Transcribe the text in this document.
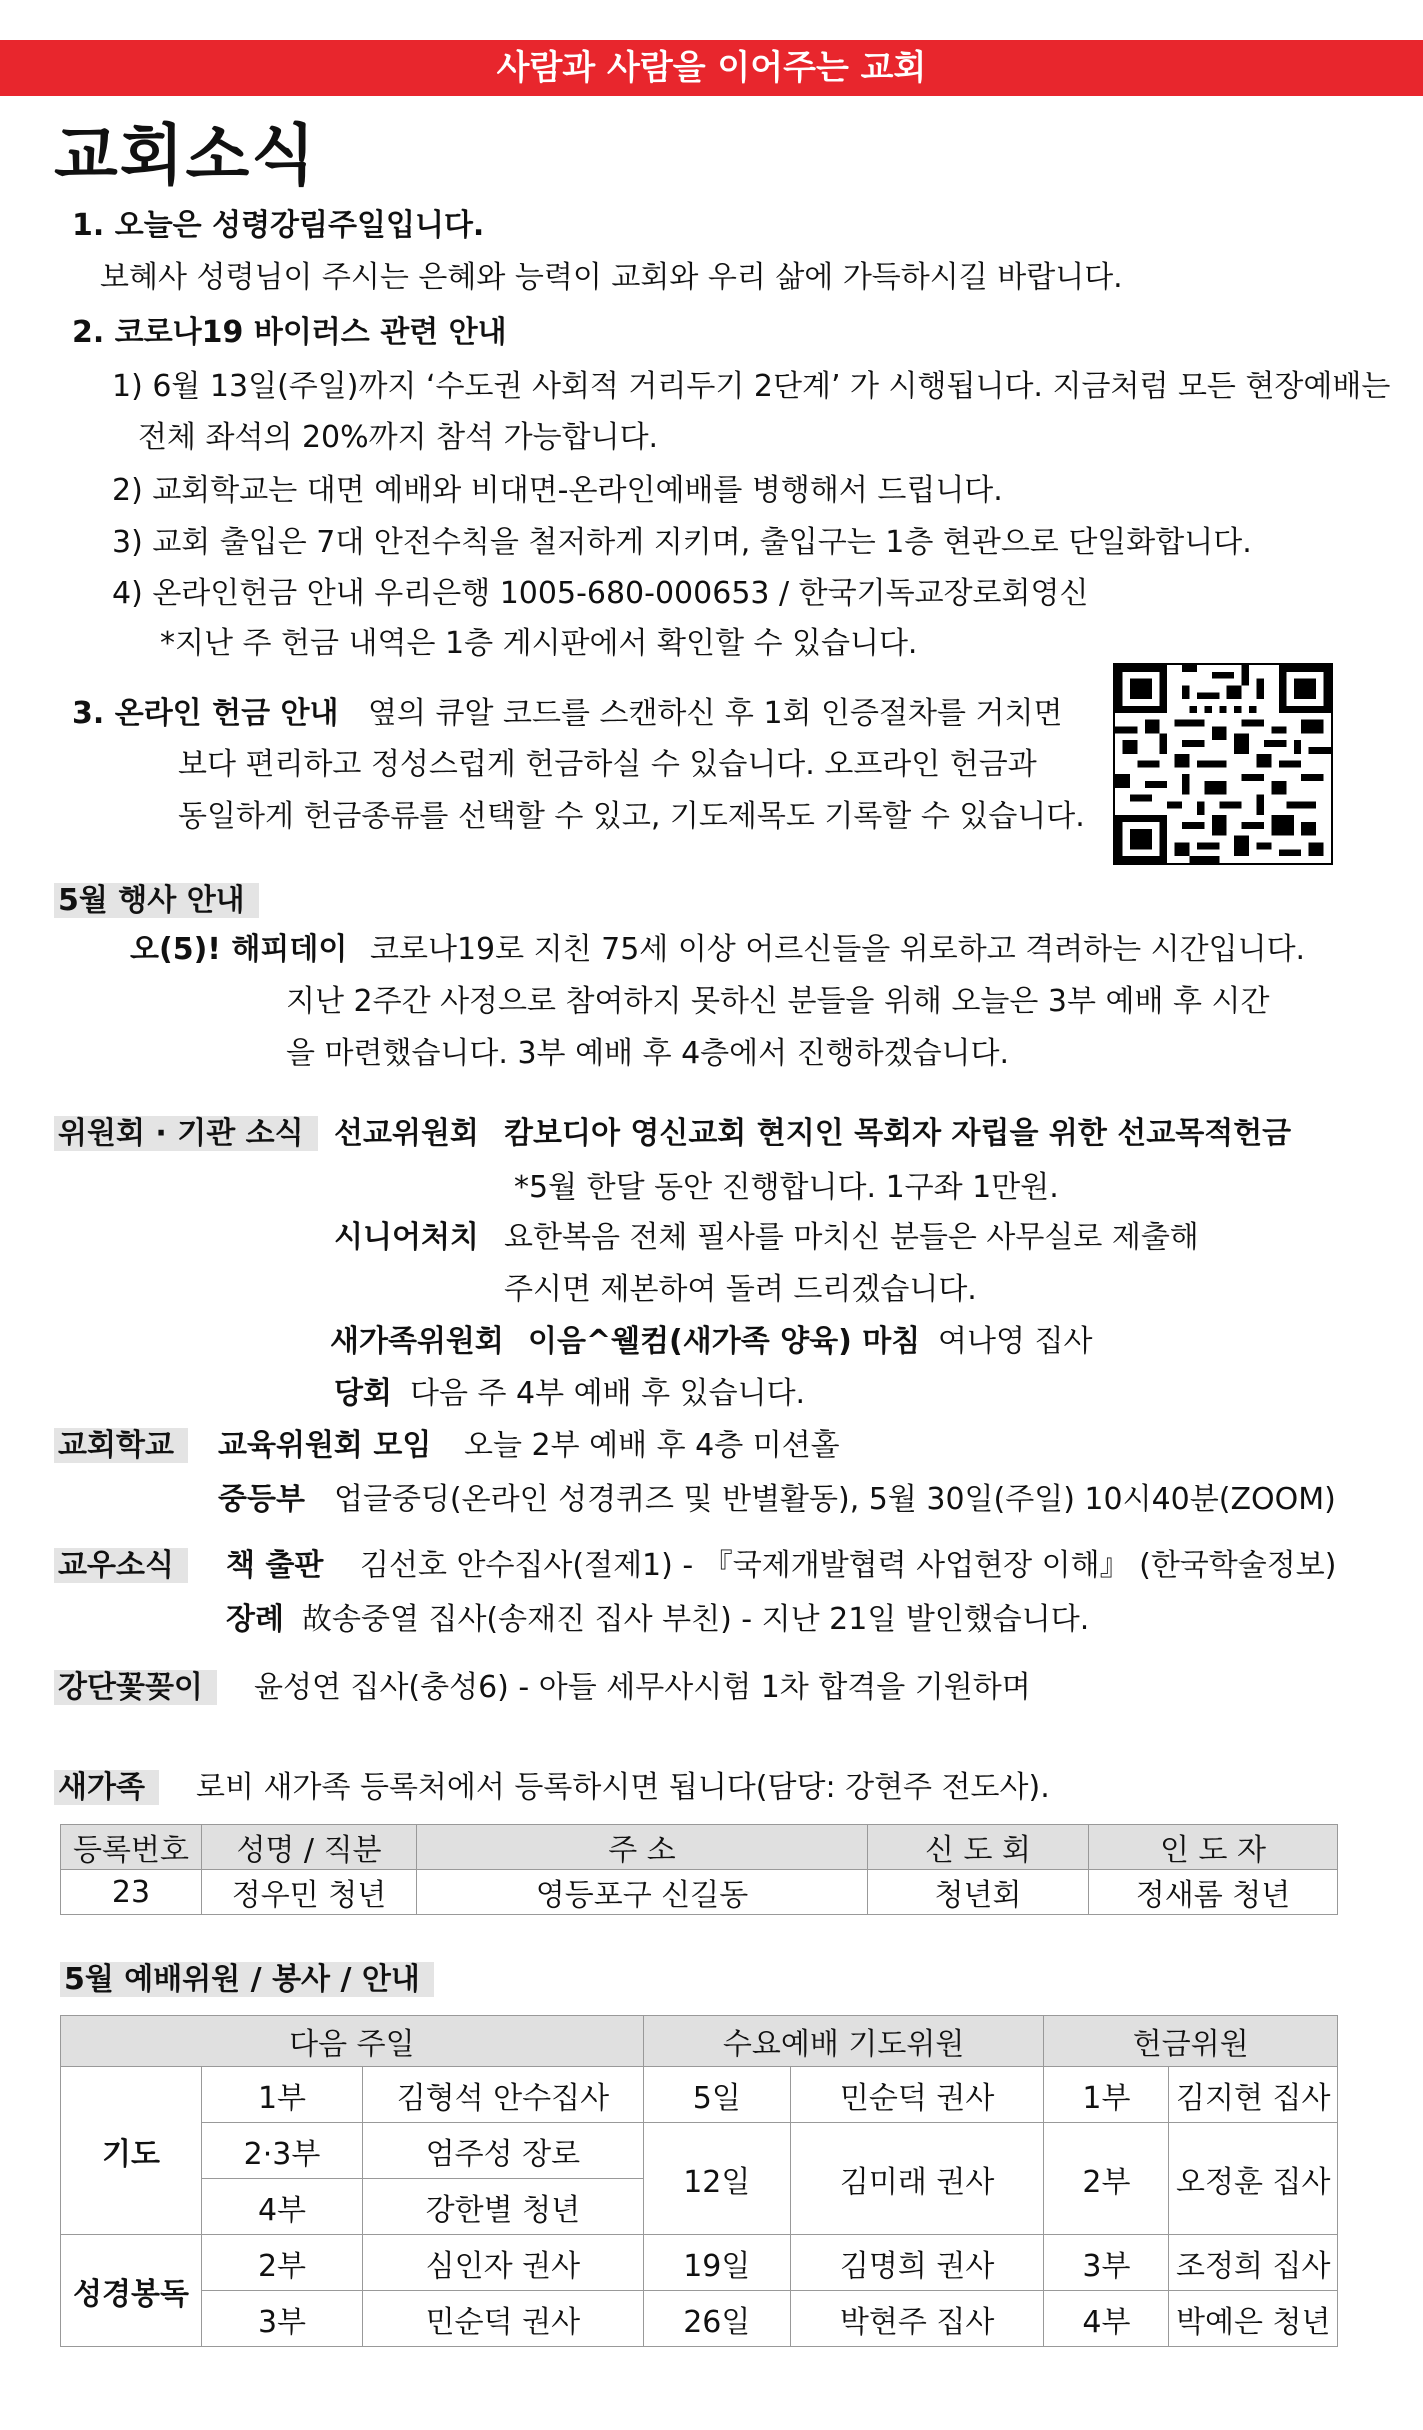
사람과 사람을 이어주는 교회
교회소식
1. 오늘은 성령강림주일입니다.
보혜사 성령님이 주시는 은혜와 능력이 교회와 우리 삶에 가득하시길 바랍니다.
2. 코로나19 바이러스 관련 안내
1) 6월 13일(주일)까지 ‘수도권 사회적 거리두기 2단계’ 가 시행됩니다. 지금처럼 모든 현장예배는
전체 좌석의 20%까지 참석 가능합니다.
2) 교회학교는 대면 예배와 비대면-온라인예배를 병행해서 드립니다.
3) 교회 출입은 7대 안전수칙을 철저하게 지키며, 출입구는 1층 현관으로 단일화합니다.
4) 온라인헌금 안내 우리은행 1005-680-000653 / 한국기독교장로회영신
*지난 주 헌금 내역은 1층 게시판에서 확인할 수 있습니다.
3. 온라인 헌금 안내 옆의 큐알 코드를 스캔하신 후 1회 인증절차를 거치면
보다 편리하고 정성스럽게 헌금하실 수 있습니다. 오프라인 헌금과
동일하게 헌금종류를 선택할 수 있고, 기도제목도 기록할 수 있습니다.
5월 행사 안내
오(5)! 해피데이 코로나19로 지친 75세 이상 어르신들을 위로하고 격려하는 시간입니다.
지난 2주간 사정으로 참여하지 못하신 분들을 위해 오늘은 3부 예배 후 시간
을 마련했습니다. 3부 예배 후 4층에서 진행하겠습니다.
위원회 · 기관 소식	선교위원회 캄보디아 영신교회 현지인 목회자 자립을 위한 선교목적헌금
*5월 한달 동안 진행합니다. 1구좌 1만원.
시니어처치 요한복음 전체 필사를 마치신 분들은 사무실로 제출해
주시면 제본하여 돌려 드리겠습니다.
새가족위원회 이음^웰컴(새가족 양육) 마침 여나영 집사
당회 다음 주 4부 예배 후 있습니다.
교회학교	교육위원회 모임 오늘 2부 예배 후 4층 미션홀
중등부 업글중딩(온라인 성경퀴즈 및 반별활동), 5월 30일(주일) 10시40분(ZOOM)
교우소식	책 출판 김선호 안수집사(절제1) - 『국제개발협력 사업현장 이해』 (한국학술정보)
장례 故송중열 집사(송재진 집사 부친) - 지난 21일 발인했습니다.
강단꽃꽂이	윤성연 집사(충성6) - 아들 세무사시험 1차 합격을 기원하며
새가족	로비 새가족 등록처에서 등록하시면 됩니다(담당: 강현주 전도사).
등록번호	성명 / 직분	주 소	신 도 회	인 도 자
23	정우민 청년	영등포구 신길동	청년회	정새롬 청년
5월 예배위원 / 봉사 / 안내
다음 주일			수요예배 기도위원		헌금위원	
기도	1부	김형석 안수집사	5일	민순덕 권사	1부	김지현 집사
	2·3부	엄주성 장로	12일	김미래 권사	2부	오정훈 집사
	4부	강한별 청년				
성경봉독	2부	심인자 권사	19일	김명희 권사	3부	조정희 집사
	3부	민순덕 권사	26일	박현주 집사	4부	박예은 청년
